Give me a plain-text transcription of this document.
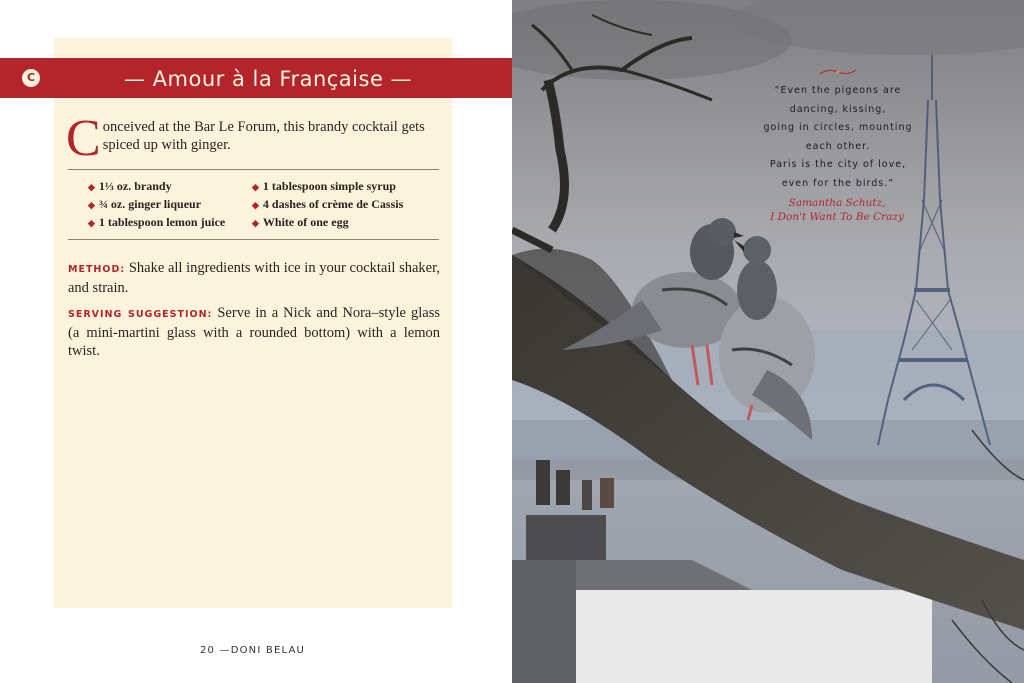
C	— Amour à la Française —
Conceived at the Bar Le Forum, this brandy cocktail gets spiced up with ginger.
◆ 1⅓ oz. brandy
◆ ¾ oz. ginger liqueur
◆ 1 tablespoon lemon juice
◆ 1 tablespoon simple syrup
◆ 4 dashes of crème de Cassis
◆ White of one egg
METHOD: Shake all ingredients with ice in your cocktail shaker, and strain.
SERVING SUGGESTION: Serve in a Nick and Nora–style glass (a mini-martini glass with a rounded bottom) with a lemon twist.
20 —DONI BELAU
“Even the pigeons are
dancing, kissing,
going in circles, mounting
each other.
Paris is the city of love,
even for the birds.”
Samantha Schutz,
I Don't Want To Be Crazy
